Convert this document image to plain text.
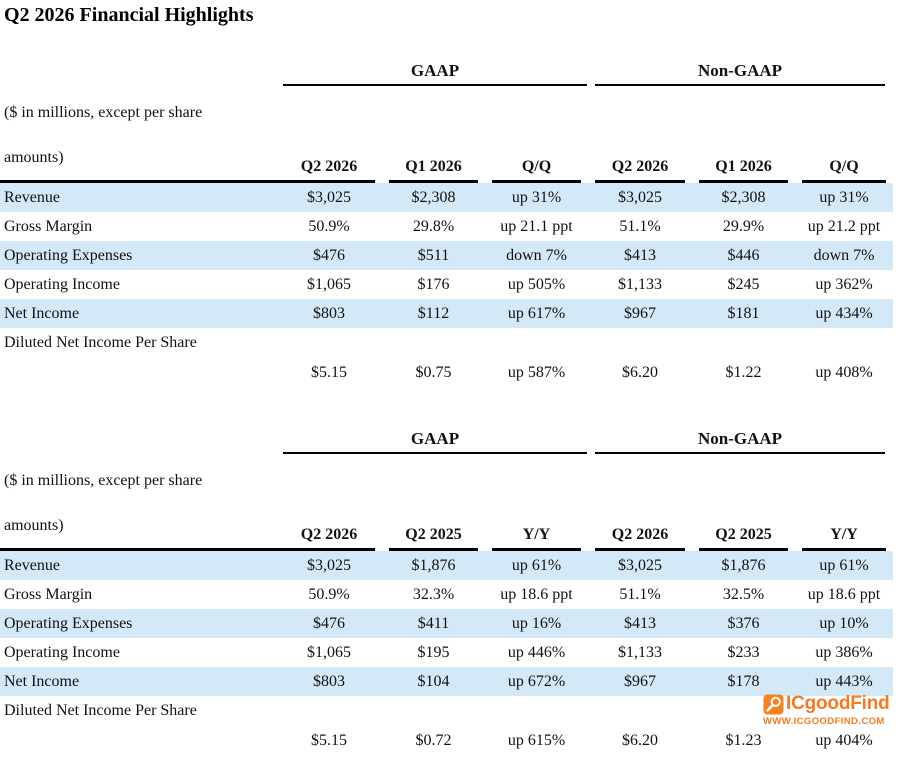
Q2 2026 Financial Highlights

	GAAP			Non-GAAP		

($ in millions, except per share
amounts)	Q2 2026	Q1 2026	Q/Q	Q2 2026	Q1 2026	Q/Q

Revenue	$3,025	$2,308	up 31%	$3,025	$2,308	up 31%
Gross Margin	50.9%	29.8%	up 21.1 ppt	51.1%	29.9%	up 21.2 ppt
Operating Expenses	$476	$511	down 7%	$413	$446	down 7%
Operating Income	$1,065	$176	up 505%	$1,133	$245	up 362%
Net Income	$803	$112	up 617%	$967	$181	up 434%
Diluted Net Income Per Share	$5.15	$0.75	up 587%	$6.20	$1.22	up 408%

	GAAP			Non-GAAP		

($ in millions, except per share
amounts)	Q2 2026	Q2 2025	Y/Y	Q2 2026	Q2 2025	Y/Y

Revenue	$3,025	$1,876	up 61%	$3,025	$1,876	up 61%
Gross Margin	50.9%	32.3%	up 18.6 ppt	51.1%	32.5%	up 18.6 ppt
Operating Expenses	$476	$411	up 16%	$413	$376	up 10%
Operating Income	$1,065	$195	up 446%	$1,133	$233	up 386%
Net Income	$803	$104	up 672%	$967	$178	up 443%
Diluted Net Income Per Share	$5.15	$0.72	up 615%	$6.20	$1.23	up 404%
ICgoodFind
WWW.ICGOODFIND.COM
